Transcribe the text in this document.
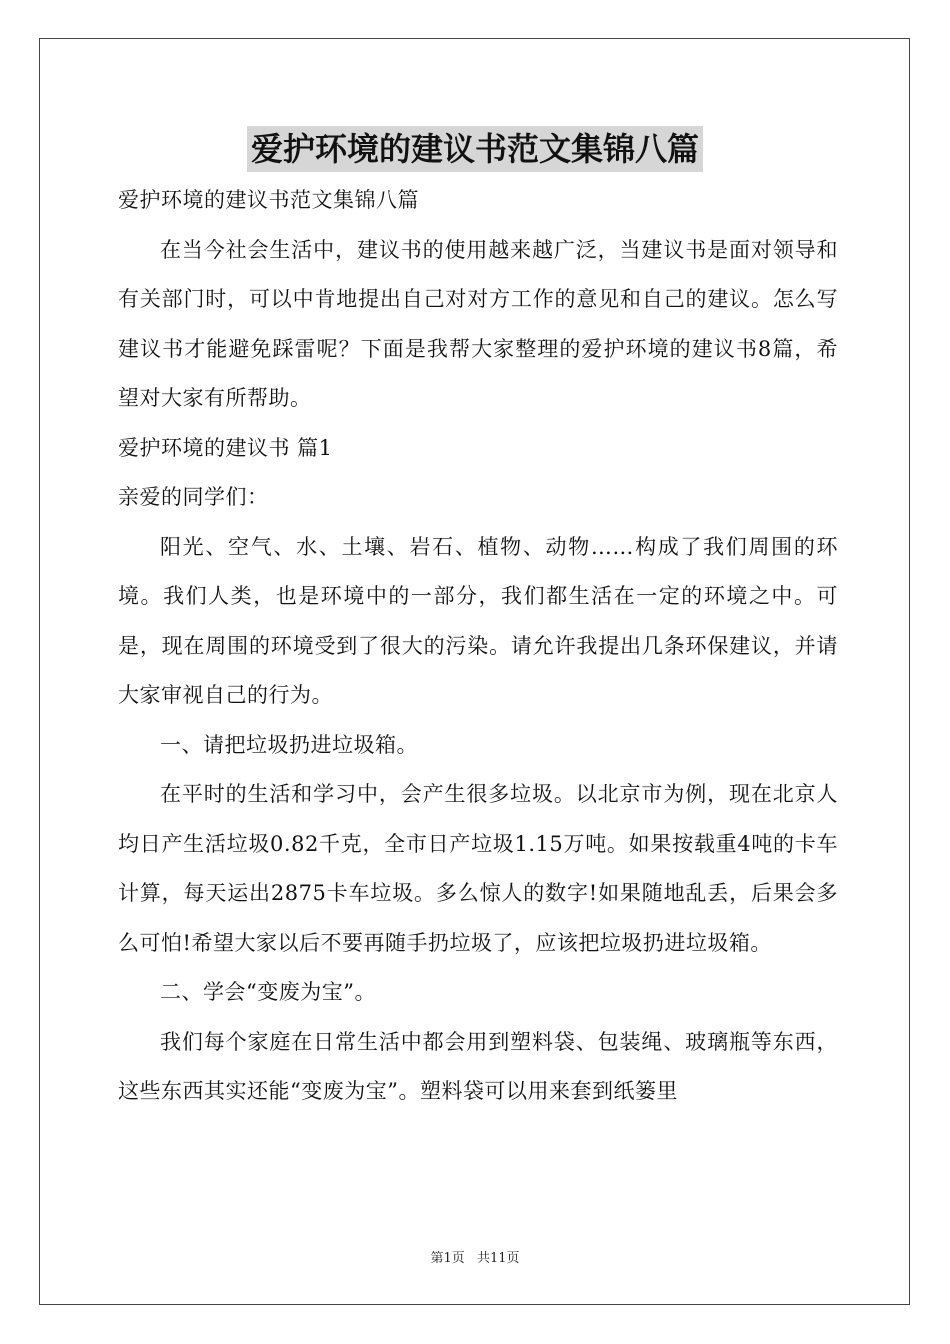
爱护环境的建议书范文集锦八篇

爱护环境的建议书范文集锦八篇

在当今社会生活中，建议书的使用越来越广泛，当建议书是面对领导和有关部门时，可以中肯地提出自己对对方工作的意见和自己的建议。怎么写建议书才能避免踩雷呢？下面是我帮大家整理的爱护环境的建议书8篇，希望对大家有所帮助。

爱护环境的建议书 篇1

亲爱的同学们：

阳光、空气、水、土壤、岩石、植物、动物……构成了我们周围的环境。我们人类，也是环境中的一部分，我们都生活在一定的环境之中。可是，现在周围的环境受到了很大的污染。请允许我提出几条环保建议，并请大家审视自己的行为。

一、请把垃圾扔进垃圾箱。

在平时的生活和学习中，会产生很多垃圾。以北京市为例，现在北京人均日产生活垃圾0.82千克，全市日产垃圾1.15万吨。如果按载重4吨的卡车计算，每天运出2875卡车垃圾。多么惊人的数字!如果随地乱丢，后果会多么可怕!希望大家以后不要再随手扔垃圾了，应该把垃圾扔进垃圾箱。

二、学会“变废为宝”。

我们每个家庭在日常生活中都会用到塑料袋、包装绳、玻璃瓶等东西，这些东西其实还能“变废为宝”。塑料袋可以用来套到纸篓里

第1页 共11页
